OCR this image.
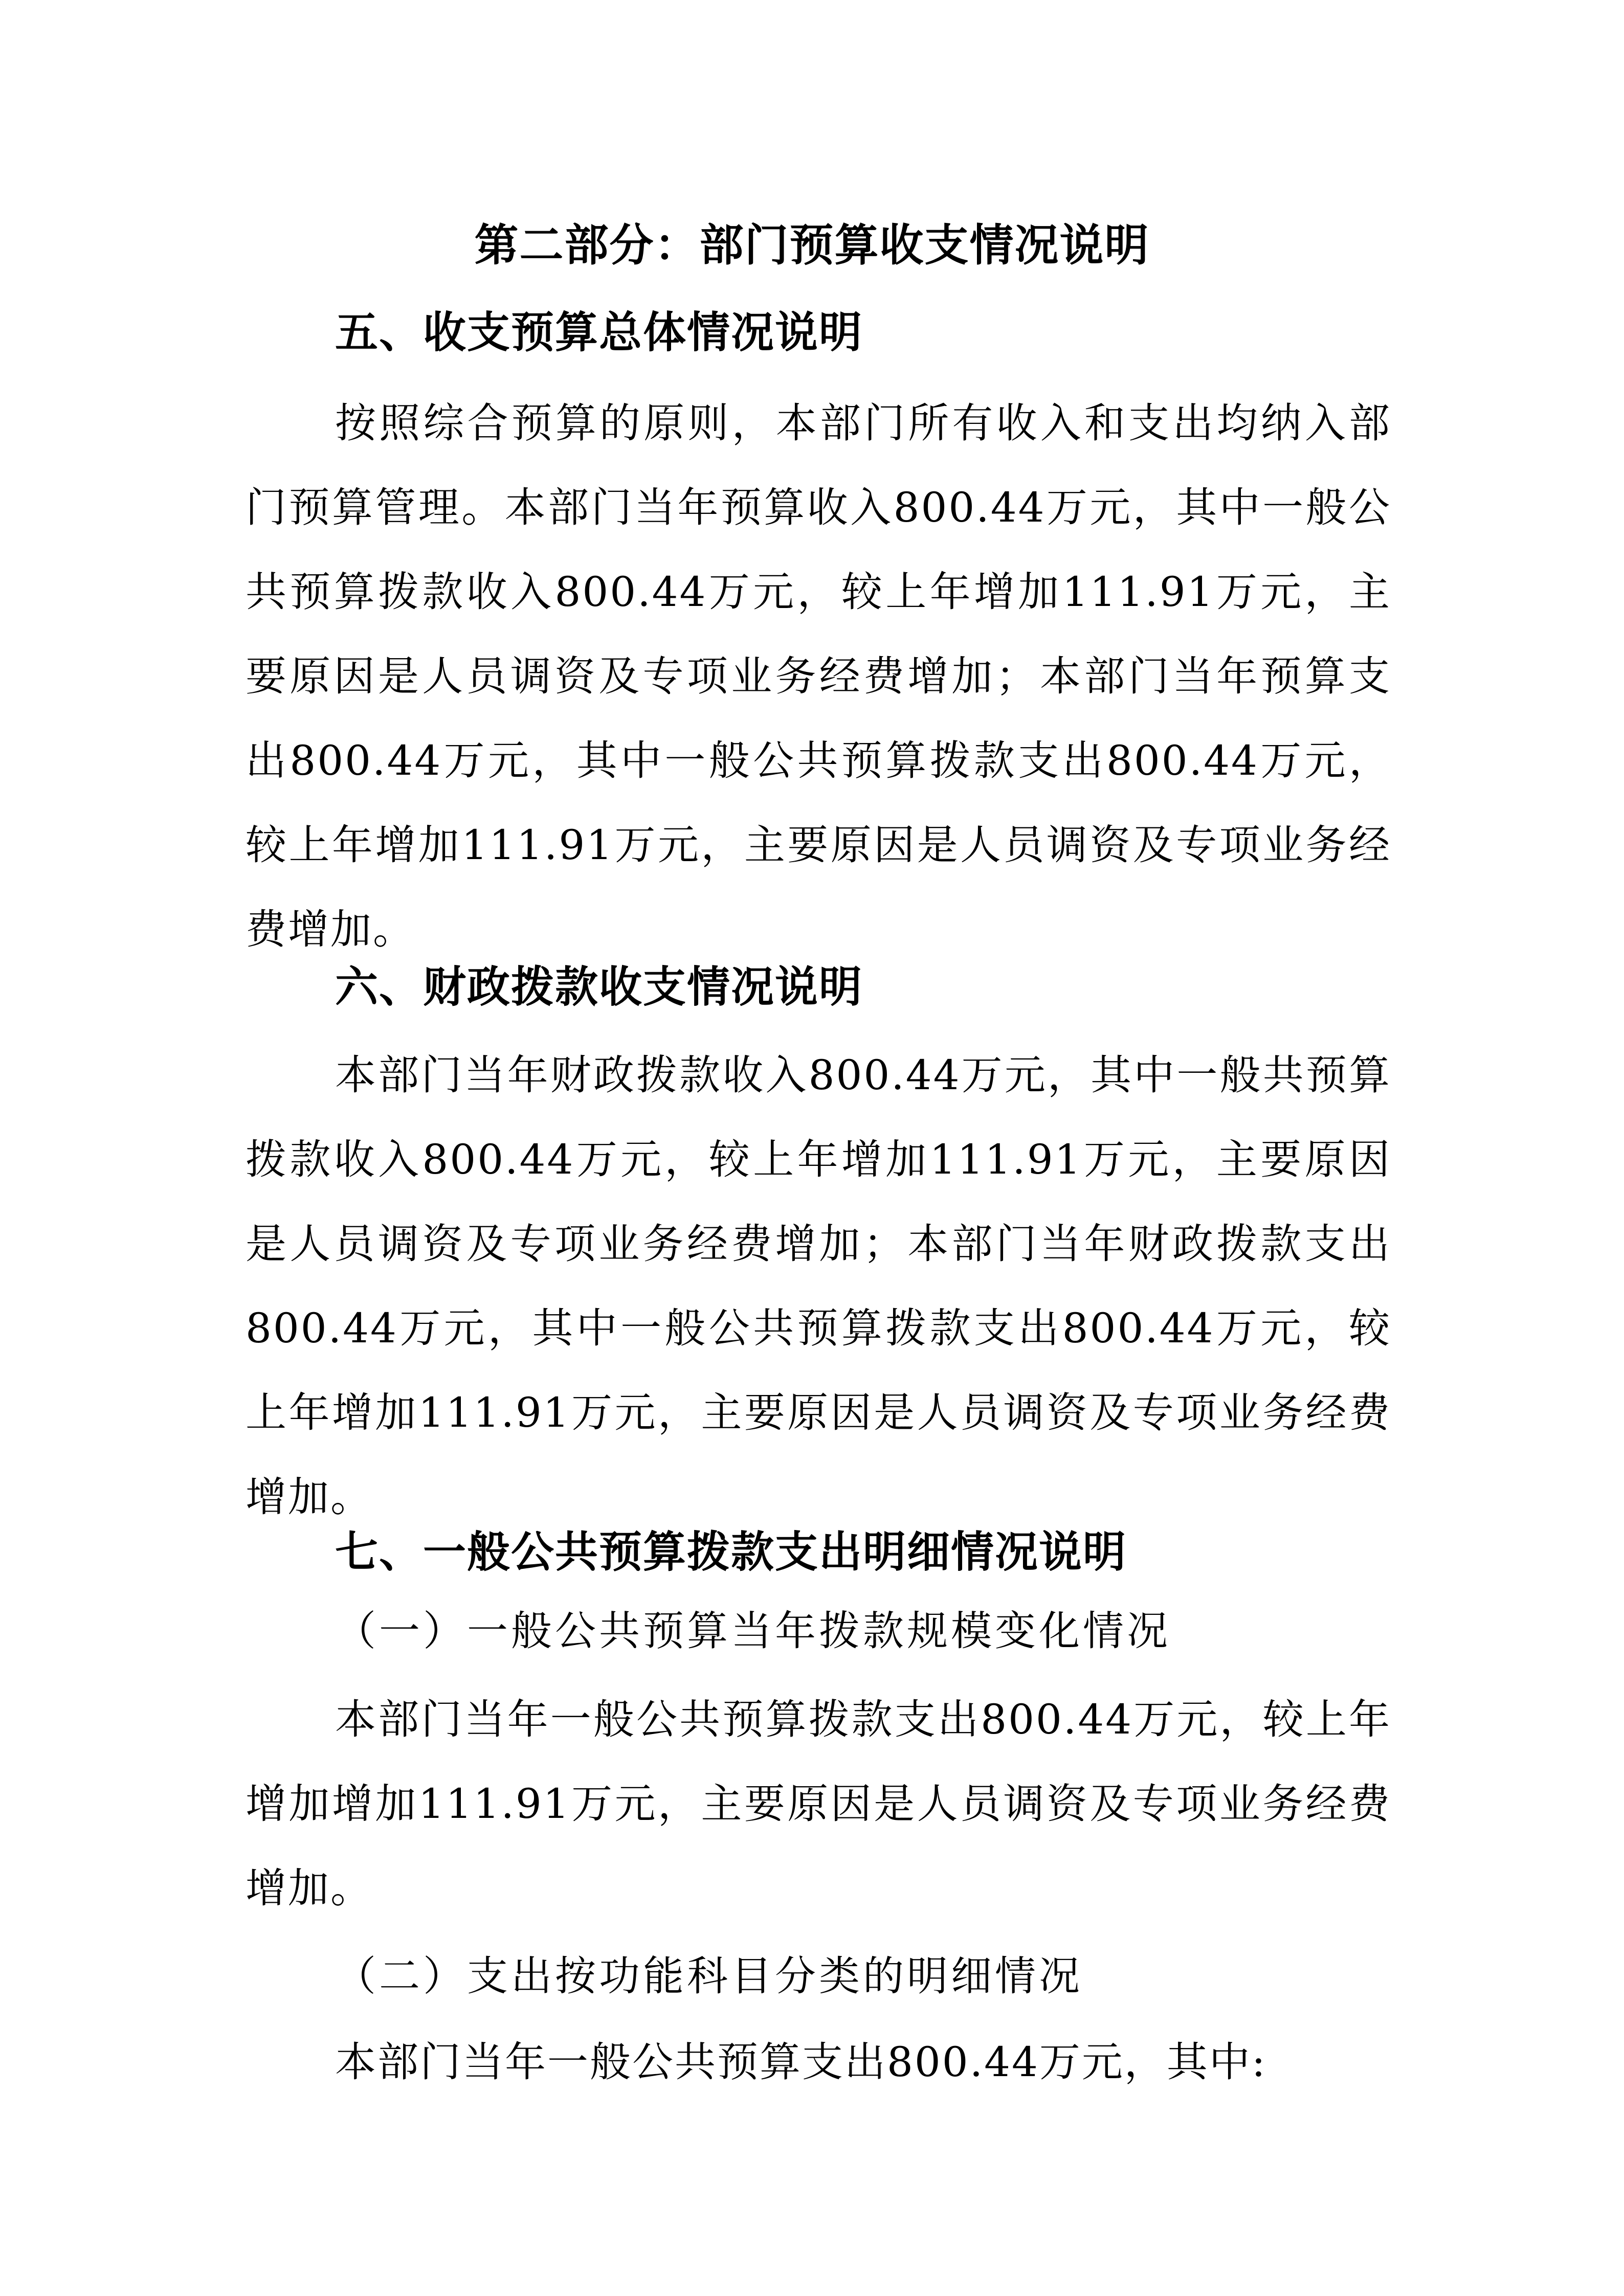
第二部分：部门预算收支情况说明
五、收支预算总体情况说明
按照综合预算的原则，本部门所有收入和支出均纳入部门预算管理。本部门当年预算收入800.44万元，其中一般公共预算拨款收入800.44万元，较上年增加111.91万元，主要原因是人员调资及专项业务经费增加；本部门当年预算支出800.44万元，其中一般公共预算拨款支出800.44万元，较上年增加111.91万元，主要原因是人员调资及专项业务经费增加。
六、财政拨款收支情况说明
本部门当年财政拨款收入800.44万元，其中一般共预算拨款收入800.44万元，较上年增加111.91万元，主要原因是人员调资及专项业务经费增加；本部门当年财政拨款支出800.44万元，其中一般公共预算拨款支出800.44万元，较上年增加111.91万元，主要原因是人员调资及专项业务经费增加。
七、一般公共预算拨款支出明细情况说明
（一）一般公共预算当年拨款规模变化情况
本部门当年一般公共预算拨款支出800.44万元，较上年增加增加111.91万元，主要原因是人员调资及专项业务经费增加。
（二）支出按功能科目分类的明细情况
本部门当年一般公共预算支出800.44万元，其中:
